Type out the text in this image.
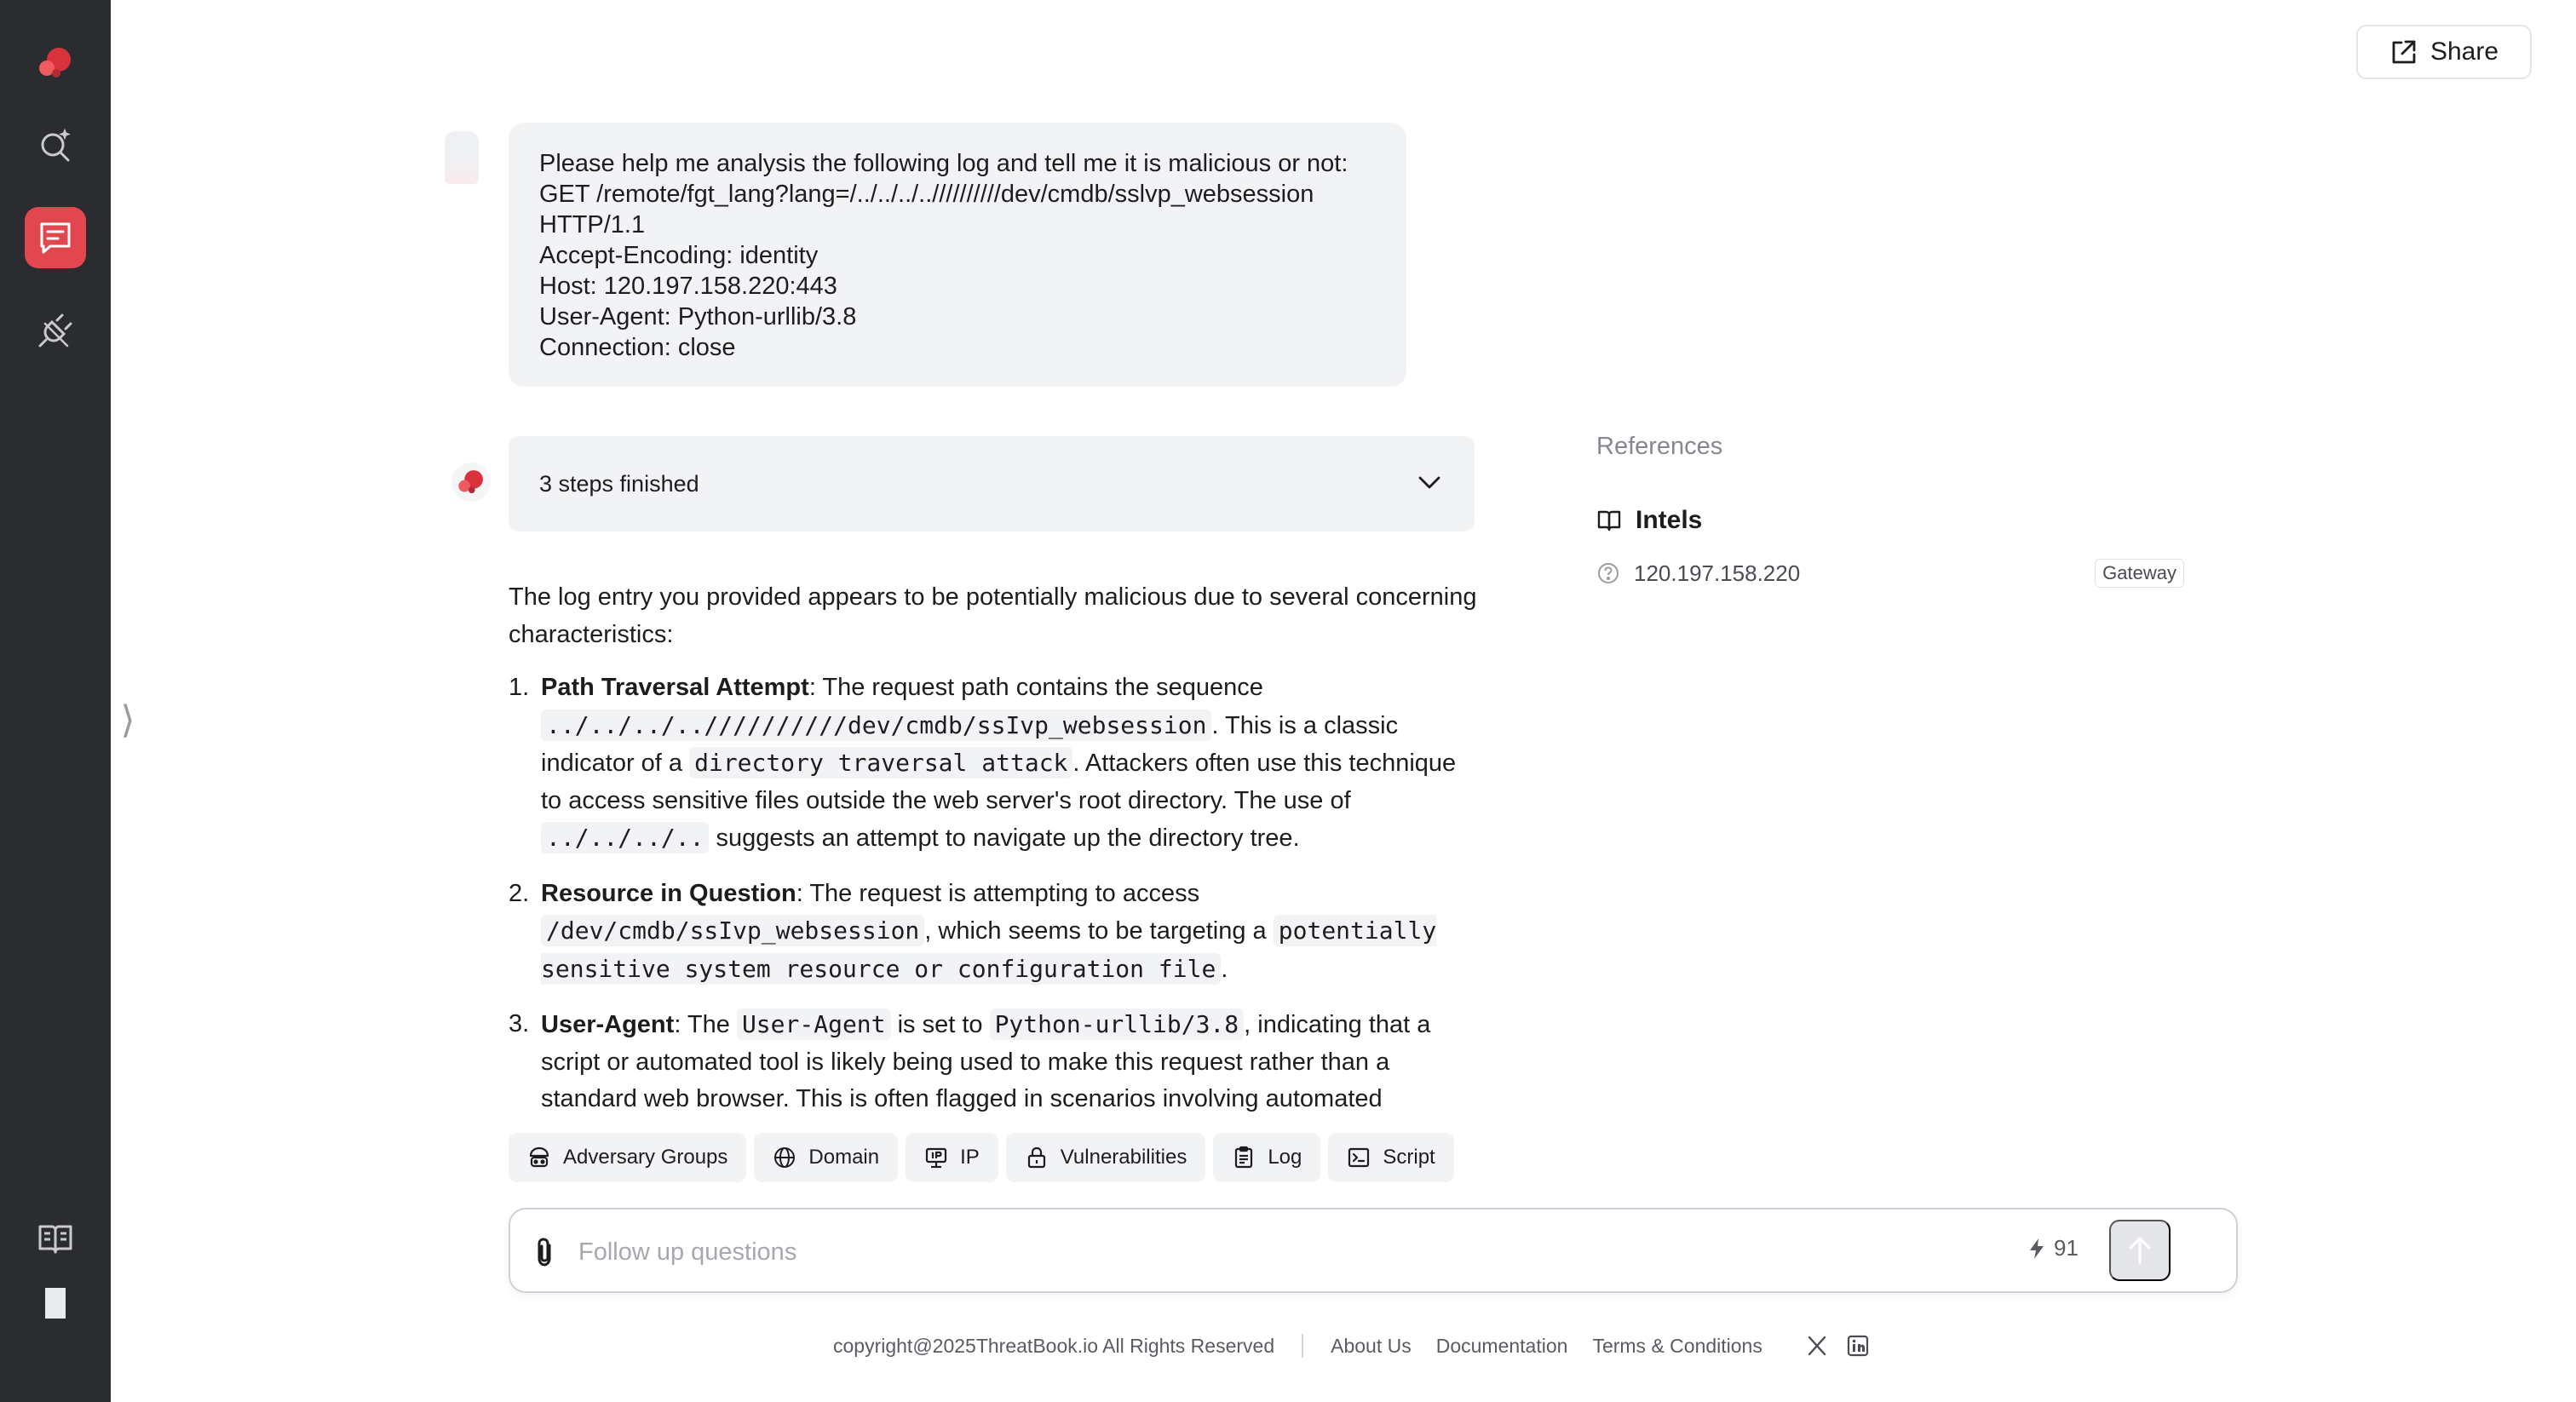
⟩
Share
Please help me analysis the following log and tell me it is malicious or not:
GET /remote/fgt_lang?lang=/../../../..//////////dev/cmdb/sslvp_websession
HTTP/1.1
Accept-Encoding: identity
Host: 120.197.158.220:443
User-Agent: Python-urllib/3.8
Connection: close
3 steps finished

The log entry you provided appears to be potentially malicious due to several concerning characteristics:

1. Path Traversal Attempt: The request path contains the sequence ../../../..//////////dev/cmdb/ssIvp_websession . This is a classic indicator of a directory traversal attack . Attackers often use this technique to access sensitive files outside the web server's root directory. The use of ../../../.. suggests an attempt to navigate up the directory tree.
2. Resource in Question: The request is attempting to access /dev/cmdb/ssIvp_websession , which seems to be targeting a potentially sensitive system resource or configuration file .
3. User-Agent: The User-Agent is set to Python-urllib/3.8 , indicating that a script or automated tool is likely being used to make this request rather than a standard web browser. This is often flagged in scenarios involving automated
References
Intels
120.197.158.220	Gateway
Adversary Groups	Domain	IP	Vulnerabilities	Log	Script
Follow up questions
91
copyright@2025ThreatBook.io All Rights Reserved	About Us Documentation Terms & Conditions
